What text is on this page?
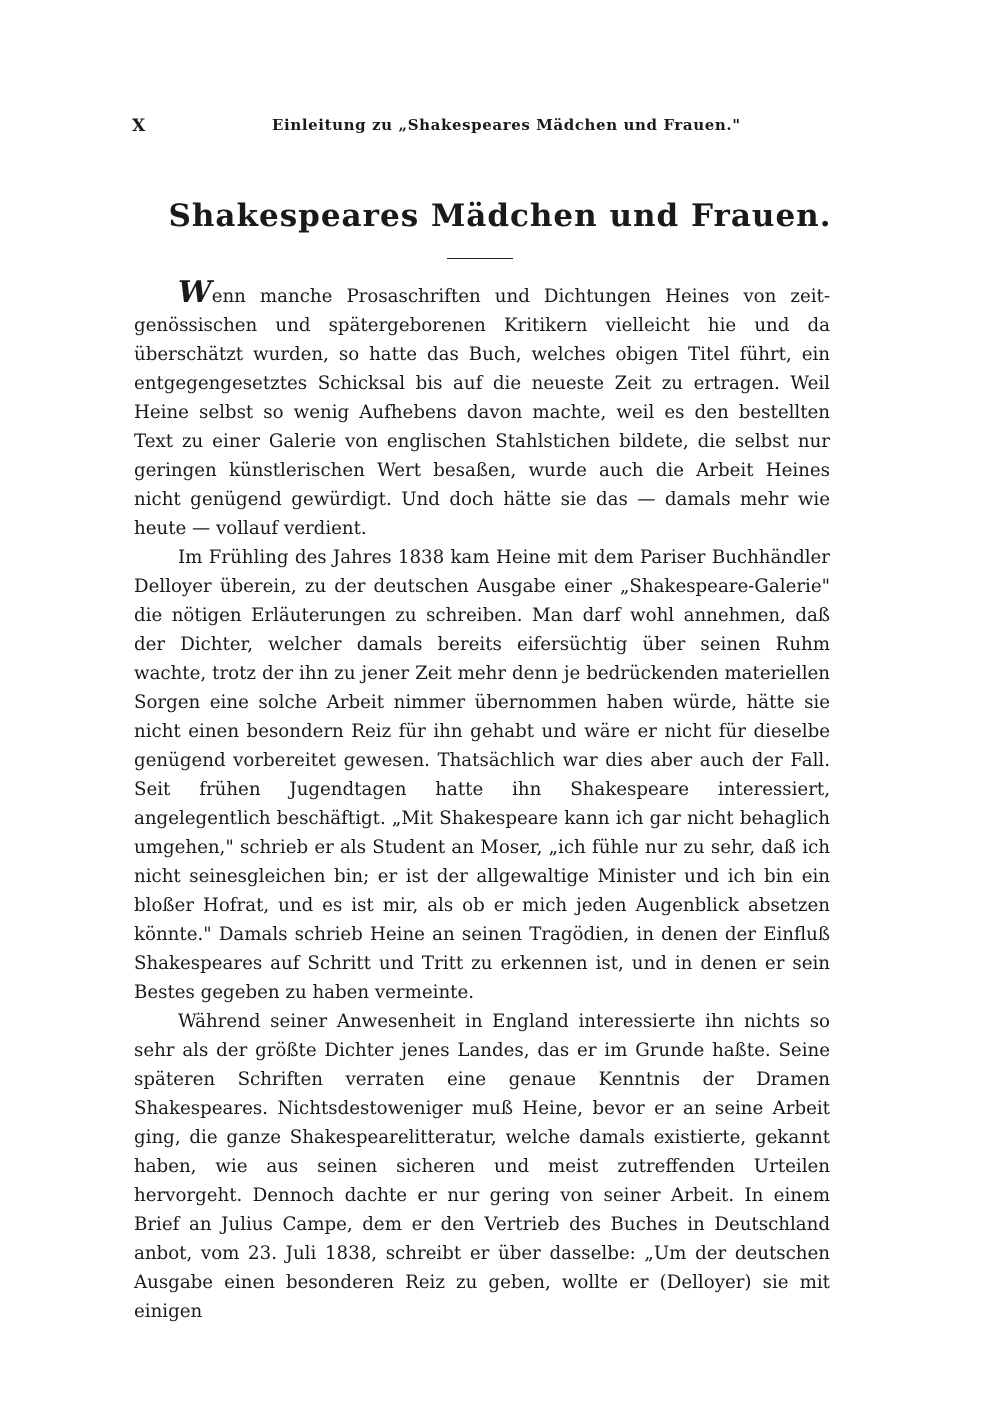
X	Einleitung zu „Shakespeares Mädchen und Frauen."
Shakespeares Mädchen und Frauen.

Wenn manche Prosaschriften und Dichtungen Heines von zeitgenössischen und spätergeborenen Kritikern vielleicht hie und da überschätzt wurden, so hatte das Buch, welches obigen Titel führt, ein entgegengesetztes Schicksal bis auf die neueste Zeit zu ertragen. Weil Heine selbst so wenig Aufhebens davon machte, weil es den bestellten Text zu einer Galerie von englischen Stahlstichen bildete, die selbst nur geringen künstlerischen Wert besaßen, wurde auch die Arbeit Heines nicht genügend gewürdigt. Und doch hätte sie das — damals mehr wie heute — vollauf verdient.

Im Frühling des Jahres 1838 kam Heine mit dem Pariser Buchhändler Delloyer überein, zu der deutschen Ausgabe einer „Shakespeare-Galerie" die nötigen Erläuterungen zu schreiben. Man darf wohl annehmen, daß der Dichter, welcher damals bereits eifersüchtig über seinen Ruhm wachte, trotz der ihn zu jener Zeit mehr denn je bedrückenden materiellen Sorgen eine solche Arbeit nimmer übernommen haben würde, hätte sie nicht einen besondern Reiz für ihn gehabt und wäre er nicht für dieselbe genügend vorbereitet gewesen. Thatsächlich war dies aber auch der Fall. Seit frühen Jugendtagen hatte ihn Shakespeare interessiert, angelegentlich beschäftigt. „Mit Shakespeare kann ich gar nicht behaglich umgehen," schrieb er als Student an Moser, „ich fühle nur zu sehr, daß ich nicht seinesgleichen bin; er ist der allgewaltige Minister und ich bin ein bloßer Hofrat, und es ist mir, als ob er mich jeden Augenblick absetzen könnte." Damals schrieb Heine an seinen Tragödien, in denen der Einfluß Shakespeares auf Schritt und Tritt zu erkennen ist, und in denen er sein Bestes gegeben zu haben vermeinte.

Während seiner Anwesenheit in England interessierte ihn nichts so sehr als der größte Dichter jenes Landes, das er im Grunde haßte. Seine späteren Schriften verraten eine genaue Kenntnis der Dramen Shakespeares. Nichtsdestoweniger muß Heine, bevor er an seine Arbeit ging, die ganze Shakespearelitteratur, welche damals existierte, gekannt haben, wie aus seinen sicheren und meist zutreffenden Urteilen hervorgeht. Dennoch dachte er nur gering von seiner Arbeit. In einem Brief an Julius Campe, dem er den Vertrieb des Buches in Deutschland anbot, vom 23. Juli 1838, schreibt er über dasselbe: „Um der deutschen Ausgabe einen besonderen Reiz zu geben, wollte er (Delloyer) sie mit einigen
